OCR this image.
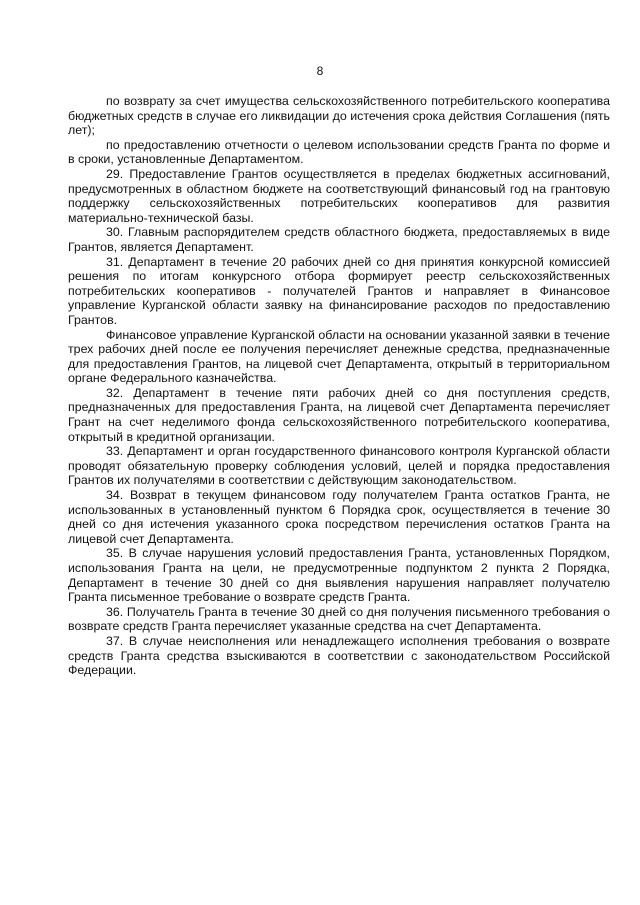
8

по возврату за счет имущества сельскохозяйственного потребительского кооператива бюджетных средств в случае его ликвидации до истечения срока действия Соглашения (пять лет);

по предоставлению отчетности о целевом использовании средств Гранта по форме и в сроки, установленные Департаментом.

29. Предоставление Грантов осуществляется в пределах бюджетных ассигнований, предусмотренных в областном бюджете на соответствующий финансовый год на грантовую поддержку сельскохозяйственных потребительских кооперативов для развития материально-технической базы.

30. Главным распорядителем средств областного бюджета, предоставляемых в виде Грантов, является Департамент.

31. Департамент в течение 20 рабочих дней со дня принятия конкурсной комиссией решения по итогам конкурсного отбора формирует реестр сельскохозяйственных потребительских кооперативов - получателей Грантов и направляет в Финансовое управление Курганской области заявку на финансирование расходов по предоставлению Грантов.

Финансовое управление Курганской области на основании указанной заявки в течение трех рабочих дней после ее получения перечисляет денежные средства, предназначенные для предоставления Грантов, на лицевой счет Департамента, открытый в территориальном органе Федерального казначейства.

32. Департамент в течение пяти рабочих дней со дня поступления средств, предназначенных для предоставления Гранта, на лицевой счет Департамента перечисляет Грант на счет неделимого фонда сельскохозяйственного потребительского кооператива, открытый в кредитной организации.

33. Департамент и орган государственного финансового контроля Курганской области проводят обязательную проверку соблюдения условий, целей и порядка предоставления Грантов их получателями в соответствии с действующим законодательством.

34. Возврат в текущем финансовом году получателем Гранта остатков Гранта, не использованных в установленный пунктом 6 Порядка срок, осуществляется в течение 30 дней со дня истечения указанного срока посредством перечисления остатков Гранта на лицевой счет Департамента.

35. В случае нарушения условий предоставления Гранта, установленных Порядком, использования Гранта на цели, не предусмотренные подпунктом 2 пункта 2 Порядка, Департамент в течение 30 дней со дня выявления нарушения направляет получателю Гранта письменное требование о возврате средств Гранта.

36. Получатель Гранта в течение 30 дней со дня получения письменного требования о возврате средств Гранта перечисляет указанные средства на счет Департамента.

37. В случае неисполнения или ненадлежащего исполнения требования о возврате средств Гранта средства взыскиваются в соответствии с законодательством Российской Федерации.
